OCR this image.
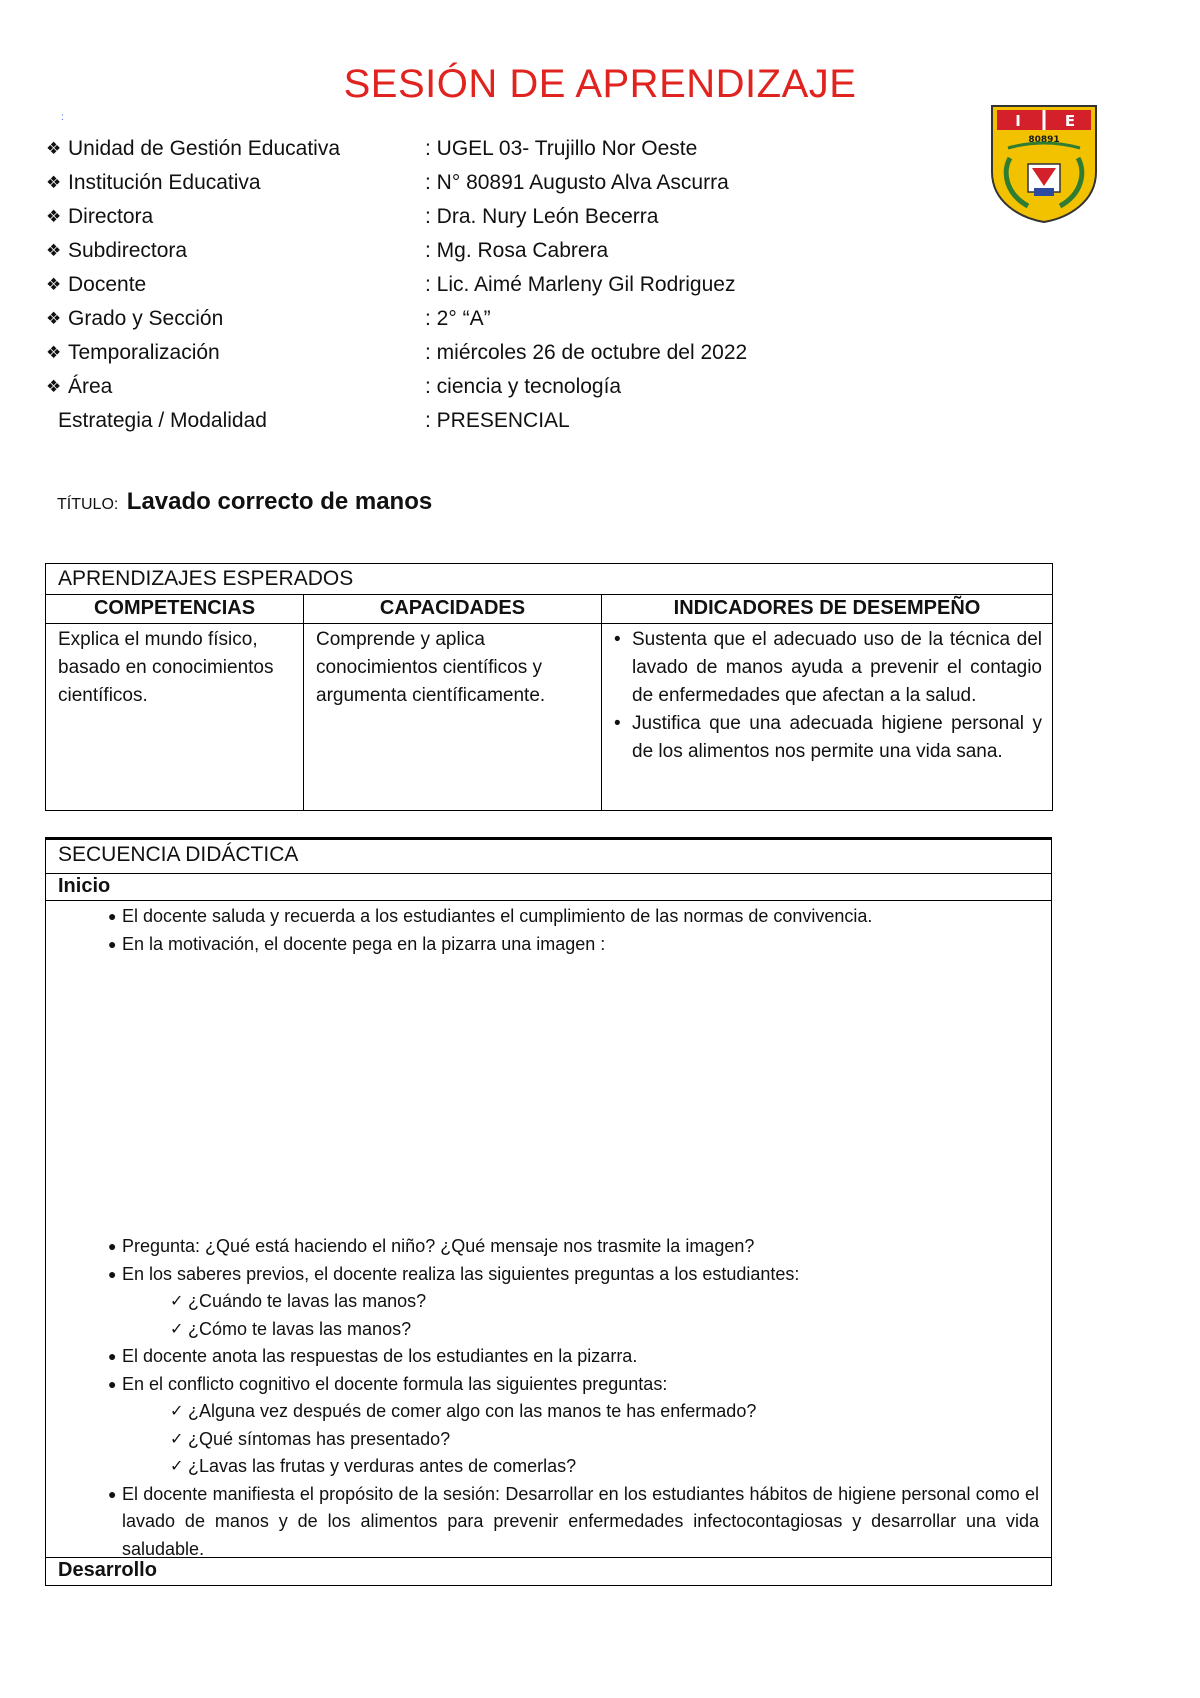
SESIÓN DE APRENDIZAJE
:
❖ Unidad de Gestión Educativa	: UGEL 03- Trujillo Nor Oeste
❖ Institución Educativa	: N° 80891 Augusto Alva Ascurra
❖ Directora	: Dra. Nury León Becerra
❖ Subdirectora	: Mg. Rosa Cabrera
❖ Docente	: Lic. Aimé Marleny Gil Rodriguez
❖ Grado y Sección	: 2° “A”
❖ Temporalización	: miércoles 26 de octubre del 2022
❖ Área	: ciencia y tecnología
Estrategia / Modalidad	: PRESENCIAL
I	E
80891
TÍTULO: Lavado correcto de manos
APRENDIZAJES ESPERADOS		
COMPETENCIAS	CAPACIDADES	INDICADORES DE DESEMPEÑO
Explica el mundo físico, basado en conocimientos científicos.	Comprende y aplica conocimientos científicos y argumenta científicamente.	• Sustenta que el adecuado uso de la técnica del lavado de manos ayuda a prevenir el contagio de enfermedades que afectan a la salud.
• Justifica que una adecuada higiene personal y de los alimentos nos permite una vida sana.
SECUENCIA DIDÁCTICA
Inicio
● El docente saluda y recuerda a los estudiantes el cumplimiento de las normas de convivencia.
● En la motivación, el docente pega en la pizarra una imagen :
● Pregunta: ¿Qué está haciendo el niño? ¿Qué mensaje nos trasmite la imagen?
● En los saberes previos, el docente realiza las siguientes preguntas a los estudiantes:
✓ ¿Cuándo te lavas las manos?
✓ ¿Cómo te lavas las manos?
● El docente anota las respuestas de los estudiantes en la pizarra.
● En el conflicto cognitivo el docente formula las siguientes preguntas:
✓ ¿Alguna vez después de comer algo con las manos te has enfermado?
✓ ¿Qué síntomas has presentado?
✓ ¿Lavas las frutas y verduras antes de comerlas?
● El docente manifiesta el propósito de la sesión: Desarrollar en los estudiantes hábitos de higiene personal como el lavado de manos y de los alimentos para prevenir enfermedades infectocontagiosas y desarrollar una vida saludable.
Desarrollo
